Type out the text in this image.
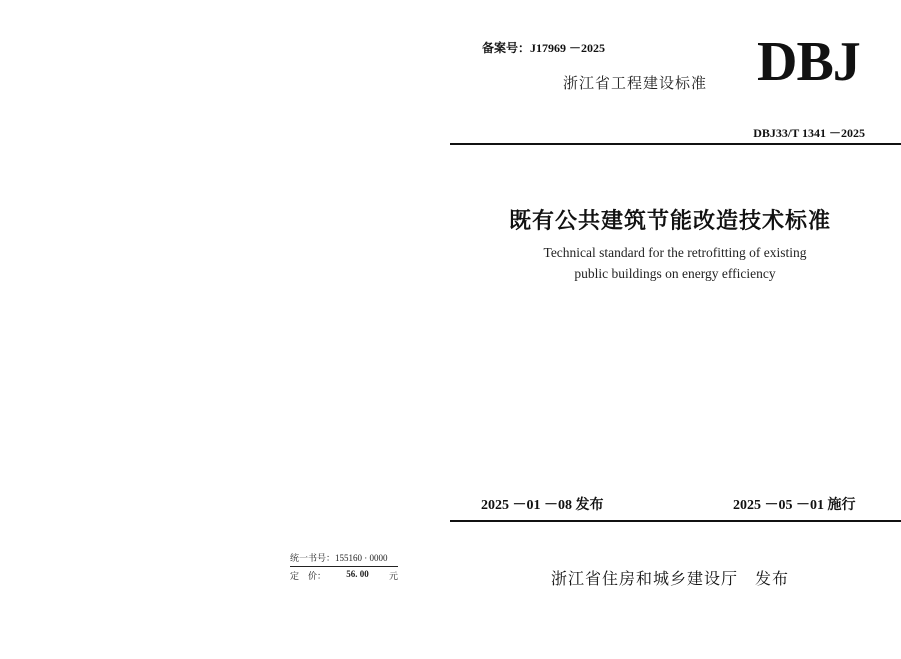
统一书号：155160 · 0000
定　价： 56. 00 元
备案号：J17969 －2025
浙江省工程建设标准 DBJ
DBJ33/T 1341 －2025
既有公共建筑节能改造技术标准
Technical standard for the retrofitting of existing
public buildings on energy efficiency
2025 －01 －08 发布	2025 －05 －01 施行
浙江省住房和城乡建设厅　发布
